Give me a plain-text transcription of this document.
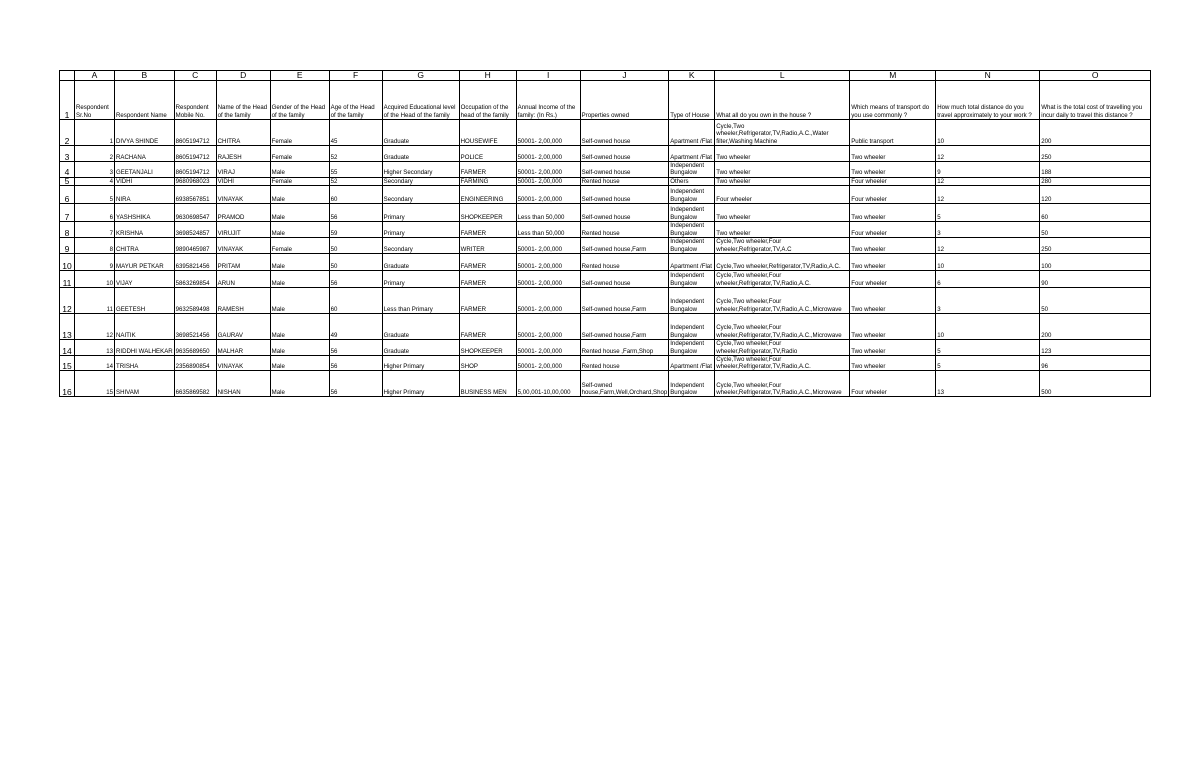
	A	B	C	D	E	F	G	H	I	J	K	L	M	N	O
1	Respondent Sr.No	Respondent Name	Respondent Mobile No.	Name of the Head of the family	Gender of the Head of the family	Age of the Head of the family	Acquired Educational level of the Head of the family	Occupation of the head of the family	Annual Income of the family: (In Rs.)	Properties owned	Type of House	What all do you own in the house ?	Which means of transport do you use commonly ?	How much total distance do you travel approximately to your work ?	What is the total cost of travelling you incur daily to travel this distance ?
2	1	DIVYA SHINDE	8605194712	CHITRA	Female	45	Graduate	HOUSEWIFE	50001- 2,00,000	Self-owned house	Apartment /Flat	Cycle,Two wheeler,Refrigerator,TV,Radio,A.C.,Water filter,Washing Machine	Public transport	10	200
3	2	RACHANA	8605194712	RAJESH	Female	52	Graduate	POLICE	50001- 2,00,000	Self-owned house	Apartment /Flat	Two wheeler	Two wheeler	12	250
4	3	GEETANJALI	8605194712	VIRAJ	Male	55	Higher Secondary	FARMER	50001- 2,00,000	Self-owned house	Independent Bungalow	Two wheeler	Two wheeler	9	188
5	4	VIDHI	9680968023	VIDHI	Female	52	Secondary	FARMING	50001- 2,00,000	Rented house	Others	Two wheeler	Four wheeler	12	280
6	5	NIRA	6938567851	VINAYAK	Male	60	Secondary	ENGINEERING	50001- 2,00,000	Self-owned house	Independent Bungalow	Four wheeler	Four wheeler	12	120
7	6	YASHSHIKA	9630698547	PRAMOD	Male	56	Primary	SHOPKEEPER	Less than 50,000	Self-owned house	Independent Bungalow	Two wheeler	Two wheeler	5	60
8	7	KRISHNA	3698524857	VIRUJIT	Male	59	Primary	FARMER	Less than 50,000	Rented house	Independent Bungalow	Two wheeler	Four wheeler	3	50
9	8	CHITRA	9890465987	VINAYAK	Female	50	Secondary	WRITER	50001- 2,00,000	Self-owned house,Farm	Independent Bungalow	Cycle,Two wheeler,Four wheeler,Refrigerator,TV,A.C	Two wheeler	12	250
10	9	MAYUR PETKAR	6395821456	PRITAM	Male	50	Graduate	FARMER	50001- 2,00,000	Rented house	Apartment /Flat	Cycle,Two wheeler,Refrigerator,TV,Radio,A.C.	Two wheeler	10	100
11	10	VIJAY	5863269854	ARUN	Male	56	Primary	FARMER	50001- 2,00,000	Self-owned house	Independent Bungalow	Cycle,Two wheeler,Four wheeler,Refrigerator,TV,Radio,A.C.	Four wheeler	6	90
12	11	GEETESH	9632589498	RAMESH	Male	60	Less than Primary	FARMER	50001- 2,00,000	Self-owned house,Farm	Independent Bungalow	Cycle,Two wheeler,Four wheeler,Refrigerator,TV,Radio,A.C.,Microwave	Two wheeler	3	50
13	12	NAITIK	3698521456	GAURAV	Male	49	Graduate	FARMER	50001- 2,00,000	Self-owned house,Farm	Independent Bungalow	Cycle,Two wheeler,Four wheeler,Refrigerator,TV,Radio,A.C.,Microwave	Two wheeler	10	200
14	13	RIDDHI WALHEKAR	9635689650	MALHAR	Male	56	Graduate	SHOPKEEPER	50001- 2,00,000	Rented house ,Farm,Shop	Independent Bungalow	Cycle,Two wheeler,Four wheeler,Refrigerator,TV,Radio	Two wheeler	5	123
15	14	TRISHA	2356890854	VINAYAK	Male	56	Higher Primary	SHOP	50001- 2,00,000	Rented house	Apartment /Flat	Cycle,Two wheeler,Four wheeler,Refrigerator,TV,Radio,A.C.	Two wheeler	5	96
16	15	SHIVAM	6635869582	NISHAN	Male	56	Higher Primary	BUSINESS MEN	5,00,001-10,00,000	Self-owned house,Farm,Well,Orchard,Shop	Independent Bungalow	Cycle,Two wheeler,Four wheeler,Refrigerator,TV,Radio,A.C.,Microwave	Four wheeler	13	500
